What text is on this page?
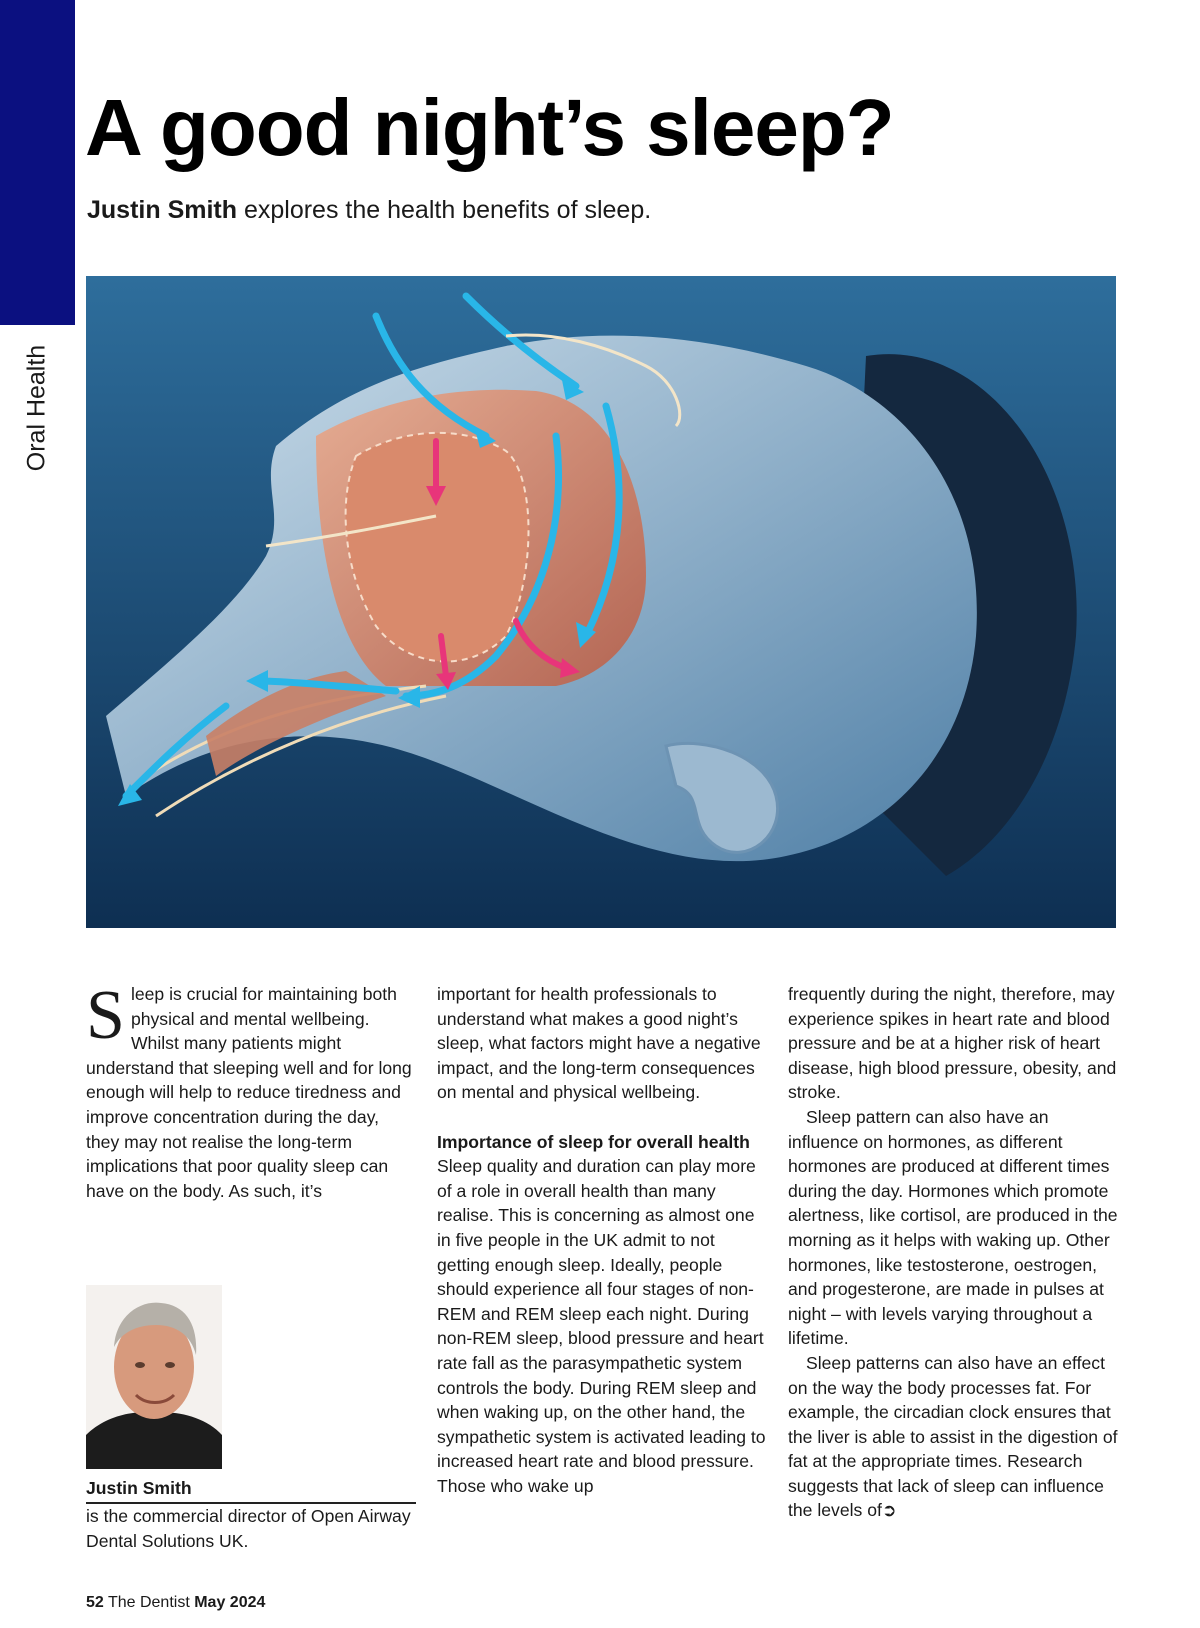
Oral Health
A good night’s sleep?

Justin Smith explores the health benefits of sleep.

Sleep is crucial for maintaining both physical and mental wellbeing. Whilst many patients might understand that sleeping well and for long enough will help to reduce tiredness and improve concentration during the day, they may not realise the long-term implications that poor quality sleep can have on the body. As such, it’s

important for health professionals to understand what makes a good night’s sleep, what factors might have a negative impact, and the long-term consequences on mental and physical wellbeing.

Importance of sleep for overall health

Sleep quality and duration can play more of a role in overall health than many realise. This is concerning as almost one in five people in the UK admit to not getting enough sleep. Ideally, people should experience all four stages of non-REM and REM sleep each night. During non-REM sleep, blood pressure and heart rate fall as the parasympathetic system controls the body. During REM sleep and when waking up, on the other hand, the sympathetic system is activated leading to increased heart rate and blood pressure. Those who wake up

frequently during the night, therefore, may experience spikes in heart rate and blood pressure and be at a higher risk of heart disease, high blood pressure, obesity, and stroke.

Sleep pattern can also have an influence on hormones, as different hormones are produced at different times during the day. Hormones which promote alertness, like cortisol, are produced in the morning as it helps with waking up. Other hormones, like testosterone, oestrogen, and progesterone, are made in pulses at night – with levels varying throughout a lifetime.

Sleep patterns can also have an effect on the way the body processes fat. For example, the circadian clock ensures that the liver is able to assist in the digestion of fat at the appropriate times. Research suggests that lack of sleep can influence the levels of➲

Justin Smith
is the commercial director of Open Airway Dental Solutions UK.
52 The Dentist May 2024
